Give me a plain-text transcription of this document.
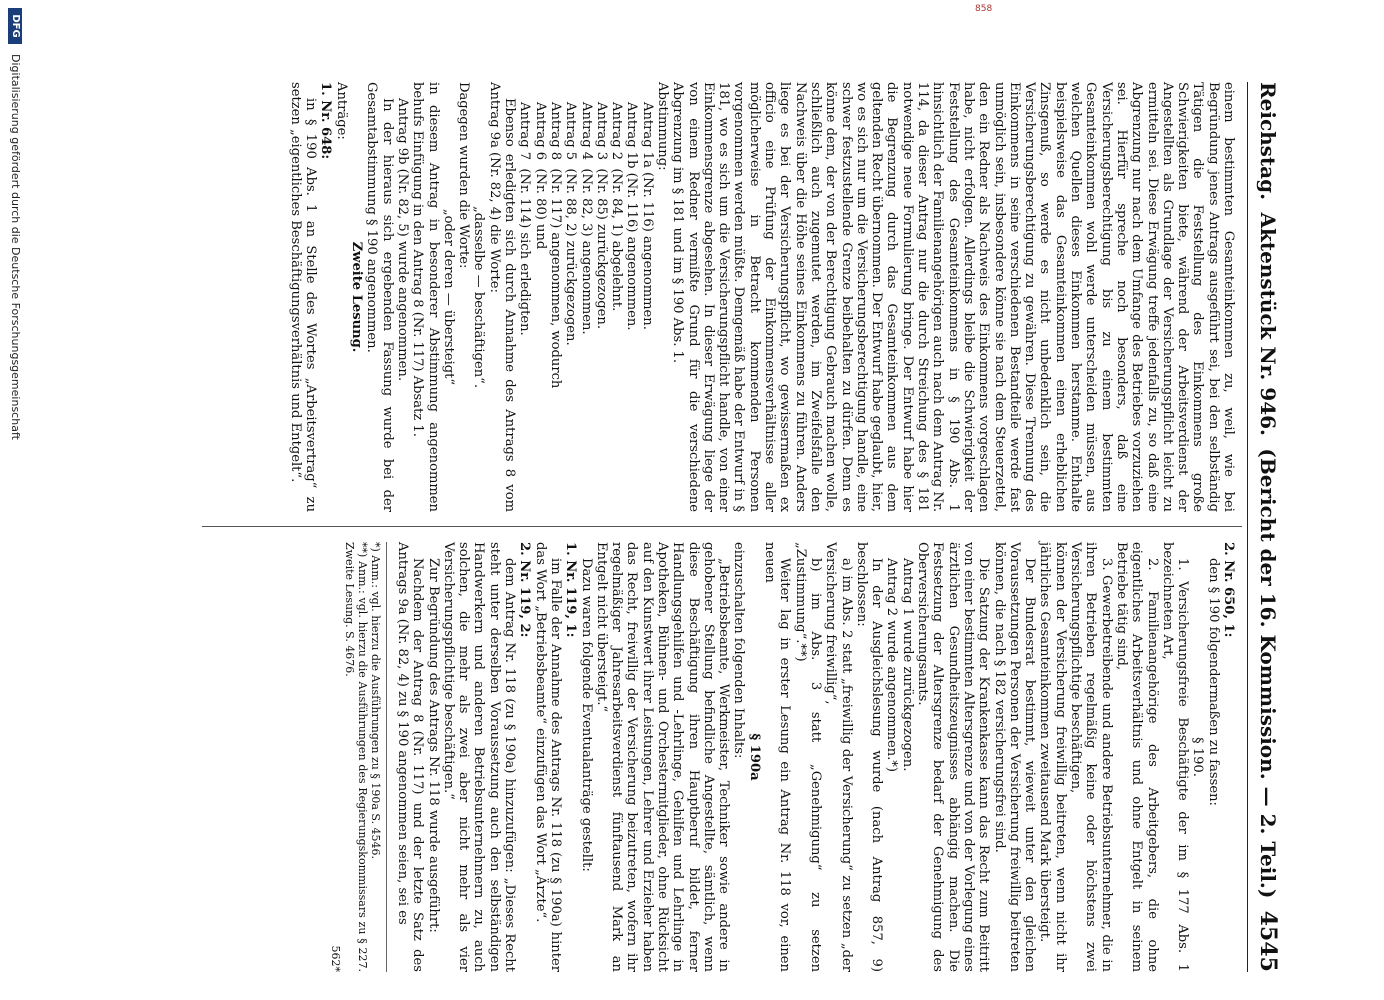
858
Reichstag.
Aktenstück Nr. 946.
(Bericht der 16. Kommission. — 2. Teil.)
4545

einem bestimmten Gesamteinkommen zu, weil, wie bei Begründung jenes Antrags ausgeführt sei, bei den selbständig Tätigen die Feststellung des Einkommens große Schwierigkeiten biete, während der Arbeitsverdienst der Angestellten als Grundlage der Versicherungspflicht leicht zu ermitteln sei. Diese Erwägung treffe jedenfalls zu, so daß eine Abgrenzung nur nach dem Umfange des Betriebes vorzuziehen sei. Hierfür spreche noch besonders, daß eine Versicherungsberechtigung bis zu einem bestimmten Gesamteinkommen wohl werde unterscheiden müssen, aus welchen Quellen dieses Einkommen herstamme. Enthalte beispielsweise das Gesamteinkommen einen erheblichen Zinsgenuß, so werde es nicht unbedenklich sein, die Versicherungsberechtigung zu gewähren. Diese Trennung des Einkommens in seine verschiedenen Bestandteile werde fast unmöglich sein, insbesondere könne sie nach dem Steuerzettel, den ein Redner als Nachweis des Einkommens vorgeschlagen habe, nicht erfolgen. Allerdings bleibe die Schwierigkeit der Feststellung des Gesamteinkommens in § 190 Abs. 1 hinsichtlich der Familienangehörigen auch nach dem Antrag Nr. 114, da dieser Antrag nur die durch Streichung des § 181 notwendige neue Formulierung bringe. Der Entwurf habe hier die Begrenzung durch das Gesamteinkommen aus dem geltenden Recht übernommen. Der Entwurf habe geglaubt, hier, wo es sich nur um die Versicherungsberechtigung handle, eine schwer festzustellende Grenze beibehalten zu dürfen. Denn es könne dem, der von der Berechtigung Gebrauch machen wolle, schließlich auch zugemutet werden, im Zweifelsfalle den Nachweis über die Höhe seines Einkommens zu führen. Anders liege es bei der Versicherungspflicht, wo gewissermaßen ex officio eine Prüfung der Einkommensverhältnisse aller möglicherweise in Betracht kommenden Personen vorgenommen werden müßte. Demgemäß habe der Entwurf in § 181, wo es sich um die Versicherungspflicht handle, von einer Einkommensgrenze abgesehen. In dieser Erwägung liege der von einem Redner vermißte Grund für die verschiedene Abgrenzung im § 181 und im § 190 Abs. 1.

Abstimmung:

Antrag 1a (Nr. 116) angenommen.
Antrag 1b (Nr. 116) angenommen.
Antrag 2  (Nr. 84, 1) abgelehnt.
Antrag 3  (Nr. 85) zurückgezogen.
Antrag 4  (Nr. 82, 3) angenommen.
Antrag 5  (Nr. 88, 2) zurückgezogen.
Antrag 8  (Nr. 117) angenommen, wodurch
Antrag 6  (Nr. 80) und
Antrag 7  (Nr. 114) sich erledigten.

Ebenso erledigten sich durch Annahme des Antrags 8 vom Antrag 9a (Nr. 82, 4) die Worte:

„dasselbe — beschäftigen“.

Dagegen wurden die Worte:

„oder deren — übersteigt“

in diesem Antrag in besonderer Abstimmung angenommen behufs Einfügung in den Antrag 8 (Nr. 117) Absatz 1.

Antrag 9b (Nr. 82, 5) wurde angenommen.

In der hieraus sich ergebenden Fassung wurde bei der Gesamtabstimmung § 190 angenommen.

Zweite Lesung.

Anträge:

1. Nr. 648:

in § 190 Abs. 1 an Stelle des Wortes „Arbeitsvertrag“ zu setzen „eigentliches Beschäftigungsverhältnis und Entgelt“.

2. Nr. 650, 1:

den § 190 folgendermaßen zu fassen:

§ 190.

1. Versicherungsfreie Beschäftigte der im § 177 Abs. 1 bezeichneten Art,

2. Familienangehörige des Arbeitgebers, die ohne eigentliches Arbeitsverhältnis und ohne Entgelt in seinem Betriebe tätig sind,

3. Gewerbetreibende und andere Betriebsunternehmer, die in ihren Betrieben regelmäßig keine oder höchstens zwei Versicherungspflichtige beschäftigen,

können der Versicherung freiwillig beitreten, wenn nicht ihr jährliches Gesamteinkommen zweitausend Mark übersteigt.

Der Bundesrat bestimmt, wieweit unter den gleichen Voraussetzungen Personen der Versicherung freiwillig beitreten können, die nach § 182 versicherungsfrei sind.

Die Satzung der Krankenkasse kann das Recht zum Beitritt von einer bestimmten Altersgrenze und von der Vorlegung eines ärztlichen Gesundheitszeugnisses abhängig machen. Die Festsetzung der Altersgrenze bedarf der Genehmigung des Oberversicherungsamts.

Antrag 1 wurde zurückgezogen.

Antrag 2 wurde angenommen.*)

In der Ausgleichslesung wurde (nach Antrag 857, 9) beschlossen:

a) im Abs. 2 statt „freiwillig der Versicherung“ zu setzen „der Versicherung freiwillig“,

b) im Abs. 3 statt „Genehmigung“ zu setzen „Zustimmung“.**)

Weiter lag in erster Lesung ein Antrag Nr. 118 vor, einen neuen

§ 190a

einzuschalten folgenden Inhalts:

„Betriebsbeamte, Werkmeister, Techniker sowie andere in gehobener Stellung befindliche Angestellte, sämtlich, wenn diese Beschäftigung ihren Hauptberuf bildet, ferner Handlungsgehilfen und -Lehrlinge, Gehilfen und Lehrlinge in Apotheken, Bühnen- und Orchestermitglieder, ohne Rücksicht auf den Kunstwert ihrer Leistungen, Lehrer und Erzieher haben das Recht, freiwillig der Versicherung beizutreten, wofern ihr regelmäßiger Jahresarbeitsverdienst fünftausend Mark an Entgelt nicht übersteigt.“

Dazu waren folgende Eventualanträge gestellt:

1. Nr. 119, 1:

im Falle der Annahme des Antrags Nr. 118 (zu § 190a) hinter das Wort „Betriebsbeamte“ einzufügen das Wort „Ärzte“.

2. Nr. 119, 2:

dem Antrag Nr. 118 (zu § 190a) hinzuzufügen: „Dieses Recht steht unter derselben Voraussetzung auch den selbständigen Handwerkern und anderen Betriebsunternehmern zu, auch solchen, die mehr als zwei aber nicht mehr als vier Versicherungspflichtige beschäftigen.“

Zur Begründung des Antrags Nr. 118 wurde ausgeführt:

Nachdem der Antrag 8 (Nr. 117) und der letzte Satz des Antrags 9a (Nr. 82, 4) zu § 190 angenommen seien, sei es

*) Anm.: vgl. hierzu die Ausführungen zu § 190a S. 4546.

**) Anm.: vgl. hierzu die Ausführungen des Regierungskommissars zu § 227. Zweite Lesung. S. 4676.

562*

DFG
Digitalisierung gefördert durch die Deutsche Forschungsgemeinschaft
